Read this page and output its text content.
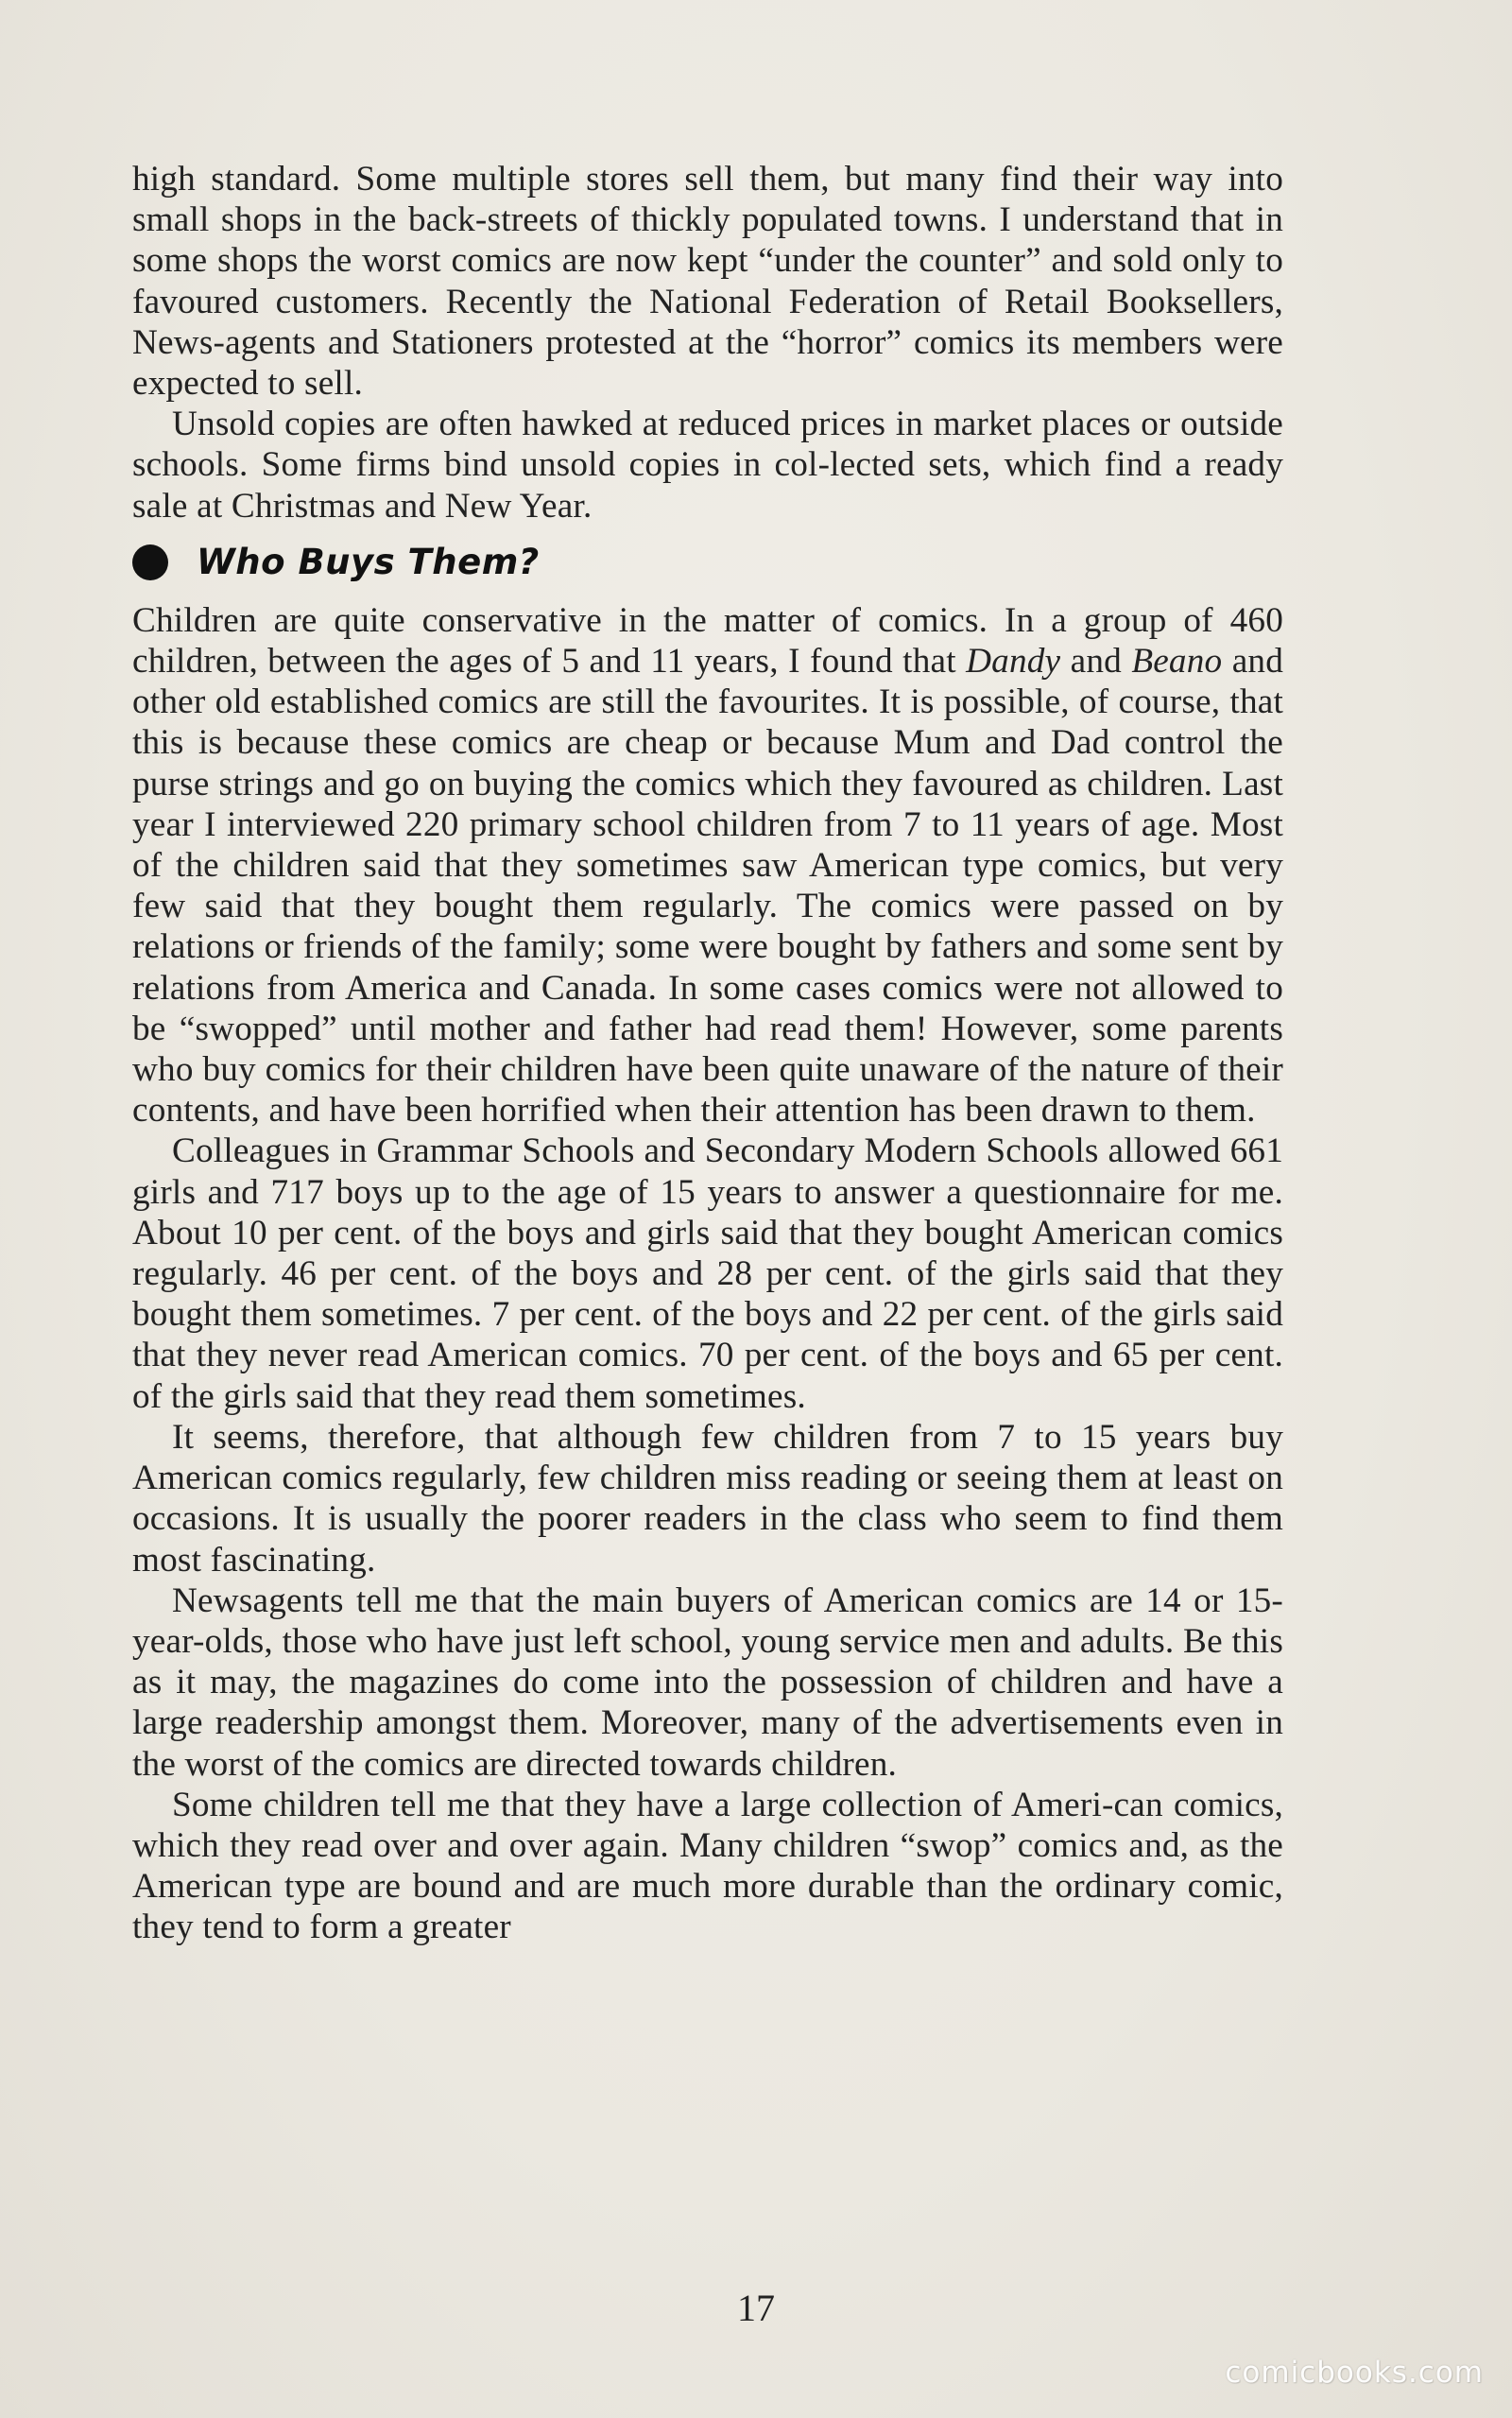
high standard. Some multiple stores sell them, but many find their way into small shops in the back-streets of thickly populated towns. I understand that in some shops the worst comics are now kept “under the counter” and sold only to favoured customers. Recently the National Federation of Retail Booksellers, News-agents and Stationers protested at the “horror” comics its members were expected to sell.

Unsold copies are often hawked at reduced prices in market places or outside schools. Some firms bind unsold copies in col-lected sets, which find a ready sale at Christmas and New Year.

Who Buys Them?

Children are quite conservative in the matter of comics. In a group of 460 children, between the ages of 5 and 11 years, I found that Dandy and Beano and other old established comics are still the favourites. It is possible, of course, that this is because these comics are cheap or because Mum and Dad control the purse strings and go on buying the comics which they favoured as children. Last year I interviewed 220 primary school children from 7 to 11 years of age. Most of the children said that they sometimes saw American type comics, but very few said that they bought them regularly. The comics were passed on by relations or friends of the family; some were bought by fathers and some sent by relations from America and Canada. In some cases comics were not allowed to be “swopped” until mother and father had read them! However, some parents who buy comics for their children have been quite unaware of the nature of their contents, and have been horrified when their attention has been drawn to them.

Colleagues in Grammar Schools and Secondary Modern Schools allowed 661 girls and 717 boys up to the age of 15 years to answer a questionnaire for me. About 10 per cent. of the boys and girls said that they bought American comics regularly. 46 per cent. of the boys and 28 per cent. of the girls said that they bought them sometimes. 7 per cent. of the boys and 22 per cent. of the girls said that they never read American comics. 70 per cent. of the boys and 65 per cent. of the girls said that they read them sometimes.

It seems, therefore, that although few children from 7 to 15 years buy American comics regularly, few children miss reading or seeing them at least on occasions. It is usually the poorer readers in the class who seem to find them most fascinating.

Newsagents tell me that the main buyers of American comics are 14 or 15-year-olds, those who have just left school, young service men and adults. Be this as it may, the magazines do come into the possession of children and have a large readership amongst them. Moreover, many of the advertisements even in the worst of the comics are directed towards children.

Some children tell me that they have a large collection of Ameri-can comics, which they read over and over again. Many children “swop” comics and, as the American type are bound and are much more durable than the ordinary comic, they tend to form a greater

17
comicbooks.com
